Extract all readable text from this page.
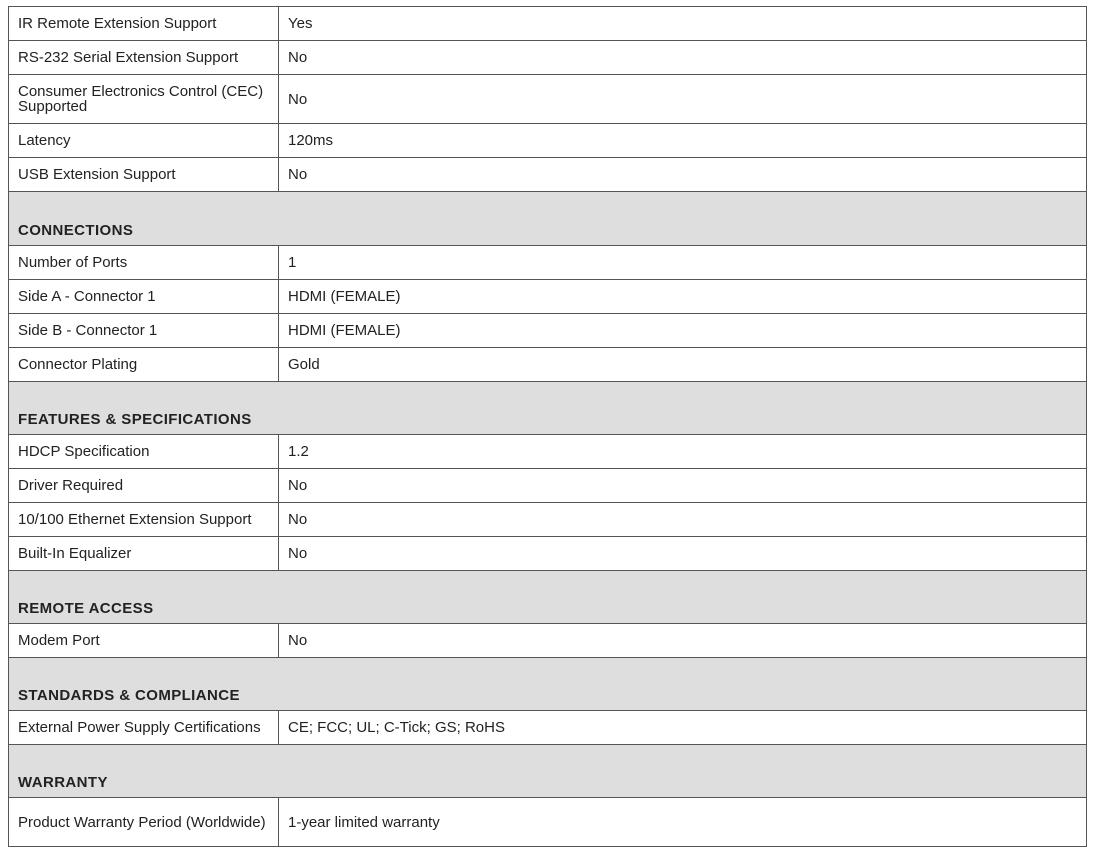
IR Remote Extension Support	Yes
RS-232 Serial Extension Support	No
Consumer Electronics Control (CEC) Supported	No
Latency	120ms
USB Extension Support	No
CONNECTIONS	
Number of Ports	1
Side A - Connector 1	HDMI (FEMALE)
Side B - Connector 1	HDMI (FEMALE)
Connector Plating	Gold
FEATURES & SPECIFICATIONS	
HDCP Specification	1.2
Driver Required	No
10/100 Ethernet Extension Support	No
Built-In Equalizer	No
REMOTE ACCESS	
Modem Port	No
STANDARDS & COMPLIANCE	
External Power Supply Certifications	CE; FCC; UL; C-Tick; GS; RoHS
WARRANTY	
Product Warranty Period (Worldwide)	1-year limited warranty
